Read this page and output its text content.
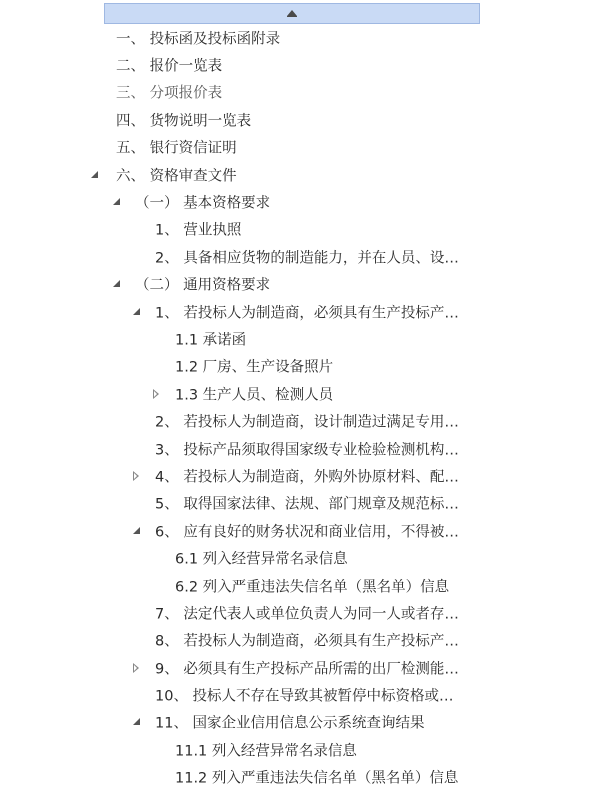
一、 投标函及投标函附录
二、 报价一览表
三、 分项报价表
四、 货物说明一览表
五、 银行资信证明
六、 资格审查文件
（一） 基本资格要求
1、 营业执照
2、 具备相应货物的制造能力，并在人员、设…
（二） 通用资格要求
1、 若投标人为制造商，必须具有生产投标产…
1.1 承诺函
1.2 厂房、生产设备照片
1.3 生产人员、检测人员
2、 若投标人为制造商，设计制造过满足专用…
3、 投标产品须取得国家级专业检验检测机构…
4、 若投标人为制造商，外购外协原材料、配…
5、 取得国家法律、法规、部门规章及规范标…
6、 应有良好的财务状况和商业信用，不得被…
6.1 列入经营异常名录信息
6.2 列入严重违法失信名单（黑名单）信息
7、 法定代表人或单位负责人为同一人或者存…
8、 若投标人为制造商，必须具有生产投标产…
9、 必须具有生产投标产品所需的出厂检测能…
10、 投标人不存在导致其被暂停中标资格或…
11、 国家企业信用信息公示系统查询结果
11.1 列入经营异常名录信息
11.2 列入严重违法失信名单（黑名单）信息
